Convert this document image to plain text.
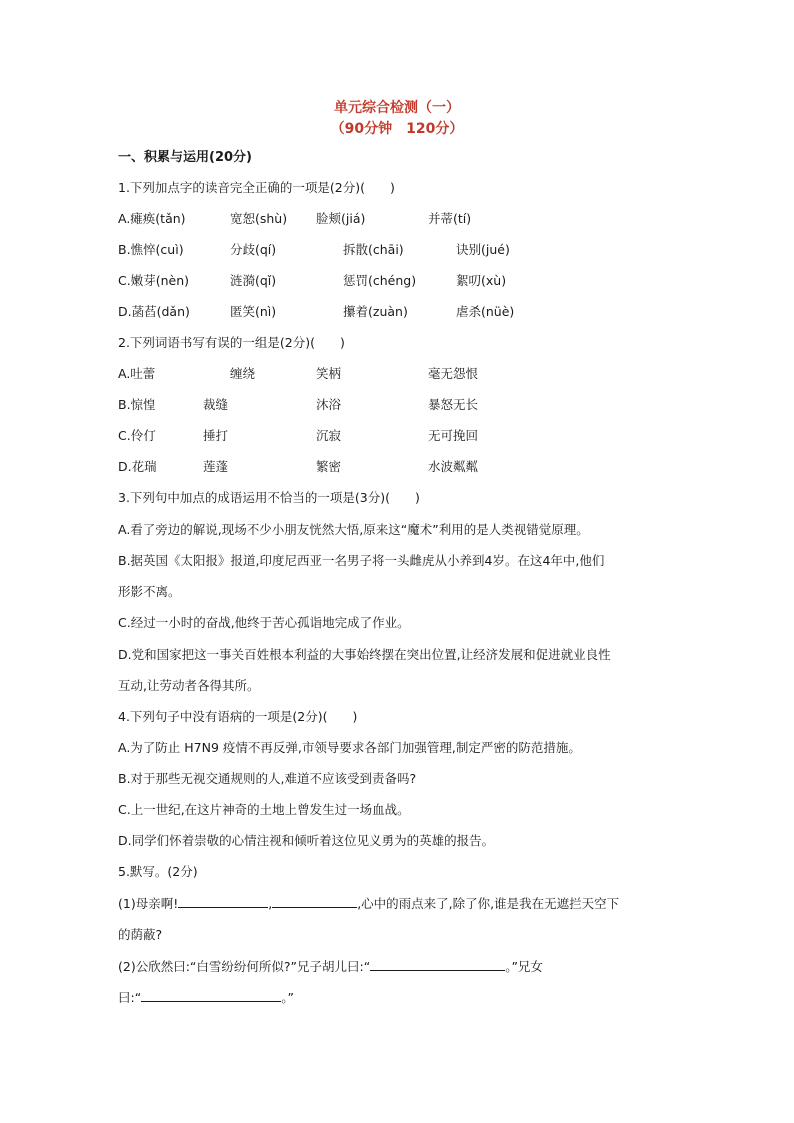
单元综合检测（一）
（90分钟　120分）
一、积累与运用(20分)
1.下列加点字的读音完全正确的一项是(2分)(　　)
A.瘫痪(tǎn)	宽恕(shù) 脸颊(jiá)	并蒂(tí)
B.憔悴(cuì)	分歧(qí)	拆散(chāi)	诀别(jué)
C.嫩芽(nèn)	涟漪(qǐ)	惩罚(chéng)	絮叨(xù)
D.菡萏(dǎn)	匿笑(nì)	攥着(zuàn)	虐杀(nüè)
2.下列词语书写有误的一组是(2分)(　　)
A.吐蕾	缠绕	笑柄	毫无怨恨
B.惊惶	裁缝	沐浴	暴怒无长
C.伶仃	捶打	沉寂	无可挽回
D.花瑞	莲蓬	繁密	水波粼粼
3.下列句中加点的成语运用不恰当的一项是(3分)(　　)
A.看了旁边的解说,现场不少小朋友恍然大悟,原来这“魔术”利用的是人类视错觉原理。
B.据英国《太阳报》报道,印度尼西亚一名男子将一头雌虎从小养到4岁。在这4年中,他们
形影不离。
C.经过一小时的奋战,他终于苦心孤诣地完成了作业。
D.党和国家把这一事关百姓根本利益的大事始终摆在突出位置,让经济发展和促进就业良性
互动,让劳动者各得其所。
4.下列句子中没有语病的一项是(2分)(　　)
A.为了防止 H7N9 疫情不再反弹,市领导要求各部门加强管理,制定严密的防范措施。
B.对于那些无视交通规则的人,难道不应该受到责备吗?
C.上一世纪,在这片神奇的土地上曾发生过一场血战。
D.同学们怀着崇敬的心情注视和倾听着这位见义勇为的英雄的报告。
5.默写。(2分)
(1)母亲啊!	,	,心中的雨点来了,除了你,谁是我在无遮拦天空下
的荫蔽?
(2)公欣然曰:“白雪纷纷何所似?”兄子胡儿曰:“	。”兄女
曰:“	。”
